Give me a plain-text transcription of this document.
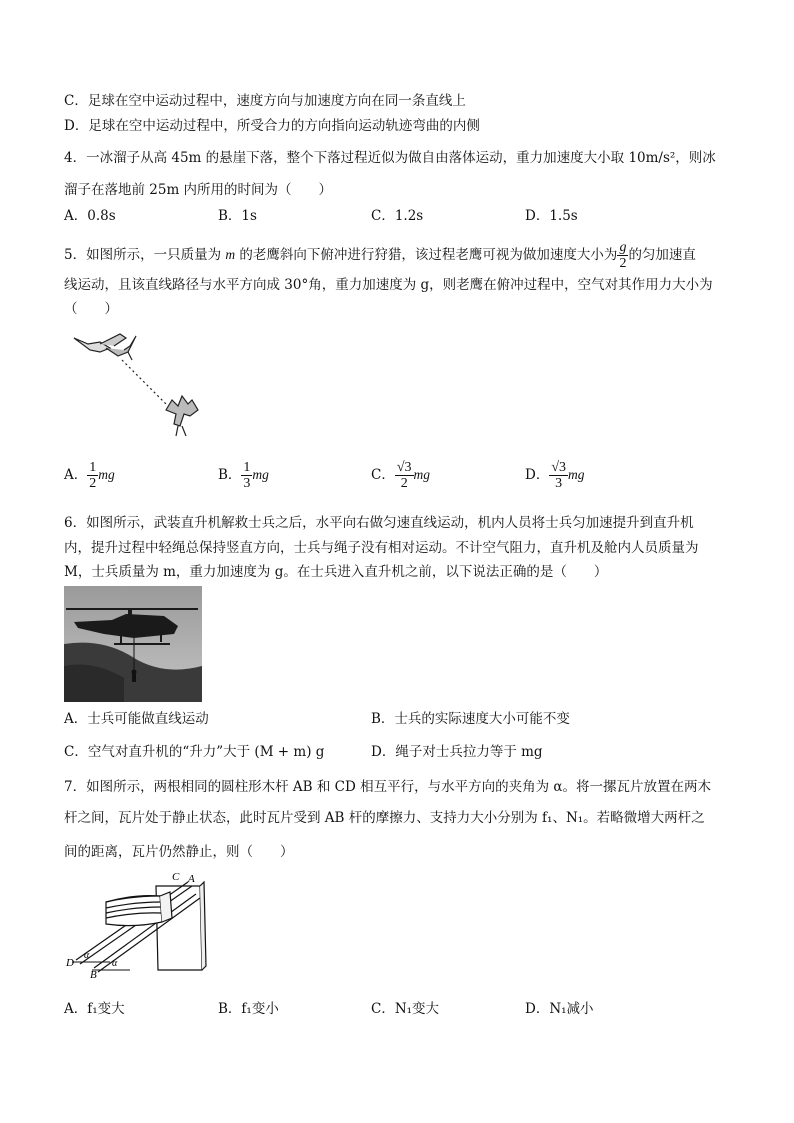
C．足球在空中运动过程中，速度方向与加速度方向在同一条直线上
D．足球在空中运动过程中，所受合力的方向指向运动轨迹弯曲的内侧
4．一冰溜子从高 45m 的悬崖下落，整个下落过程近似为做自由落体运动，重力加速度大小取 10m/s²，则冰
溜子在落地前 25m 内所用的时间为（　　）
A．0.8s	B．1s	C．1.2s	D．1.5s
5．如图所示，一只质量为 m 的老鹰斜向下俯冲进行狩猎，该过程老鹰可视为做加速度大小为 $\frac{g}{2}$ 的匀加速直
线运动，且该直线路径与水平方向成 30°角，重力加速度为 g，则老鹰在俯冲过程中，空气对其作用力大小为
（　　）
A． $\frac{1}{2}$ mg	B． $\frac{1}{3}$ mg	C． $\frac{√3}{2}$ mg	D． $\frac{√3}{3}$ mg
6．如图所示，武装直升机解救士兵之后，水平向右做匀速直线运动，机内人员将士兵匀加速提升到直升机
内，提升过程中轻绳总保持竖直方向，士兵与绳子没有相对运动。不计空气阻力，直升机及舱内人员质量为
M，士兵质量为 m，重力加速度为 g。在士兵进入直升机之前，以下说法正确的是（　　）
A．士兵可能做直线运动	B．士兵的实际速度大小可能不变
C．空气对直升机的“升力”大于 (M + m) g	D．绳子对士兵拉力等于 mg
7．如图所示，两根相同的圆柱形木杆 AB 和 CD 相互平行，与水平方向的夹角为 α。将一摞瓦片放置在两木
杆之间，瓦片处于静止状态，此时瓦片受到 AB 杆的摩擦力、支持力大小分别为 f₁、N₁。若略微增大两杆之
间的距离，瓦片仍然静止，则（　　）
C A
D
B
α
α
A．f₁变大	B．f₁变小	C．N₁变大	D．N₁减小
